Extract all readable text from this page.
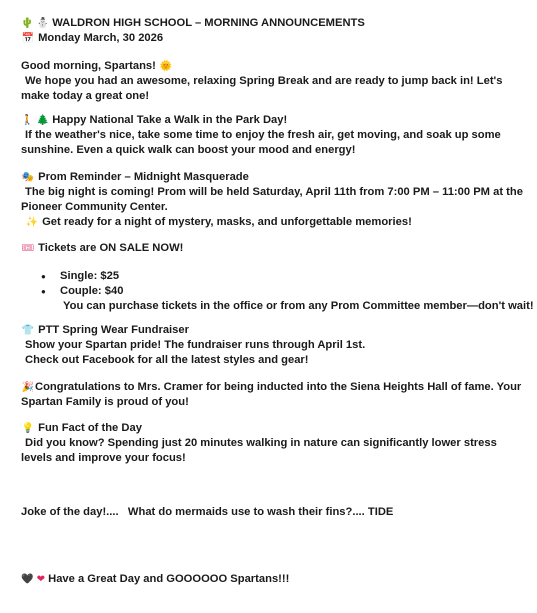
🌵 ⛄ WALDRON HIGH SCHOOL – MORNING ANNOUNCEMENTS
📅 Monday March, 30 2026
Good morning, Spartans! 🌞
We hope you had an awesome, relaxing Spring Break and are ready to jump back in! Let's make today a great one!
🚶 🌲 Happy National Take a Walk in the Park Day!
If the weather's nice, take some time to enjoy the fresh air, get moving, and soak up some sunshine. Even a quick walk can boost your mood and energy!
🎭 Prom Reminder – Midnight Masquerade
The big night is coming! Prom will be held Saturday, April 11th from 7:00 PM – 11:00 PM at the Pioneer Community Center.
✨ Get ready for a night of mystery, masks, and unforgettable memories!
🎟 Tickets are ON SALE NOW!
● Single: $25
● Couple: $40
You can purchase tickets in the office or from any Prom Committee member—don't wait!
👕 PTT Spring Wear Fundraiser
Show your Spartan pride! The fundraiser runs through April 1st.
Check out Facebook for all the latest styles and gear!
🎉Congratulations to Mrs. Cramer for being inducted into the Siena Heights Hall of fame. Your Spartan Family is proud of you!
💡 Fun Fact of the Day
Did you know? Spending just 20 minutes walking in nature can significantly lower stress levels and improve your focus!
Joke of the day!....   What do mermaids use to wash their fins?.... TIDE
🖤 ❤ Have a Great Day and GOOOOOO Spartans!!!
